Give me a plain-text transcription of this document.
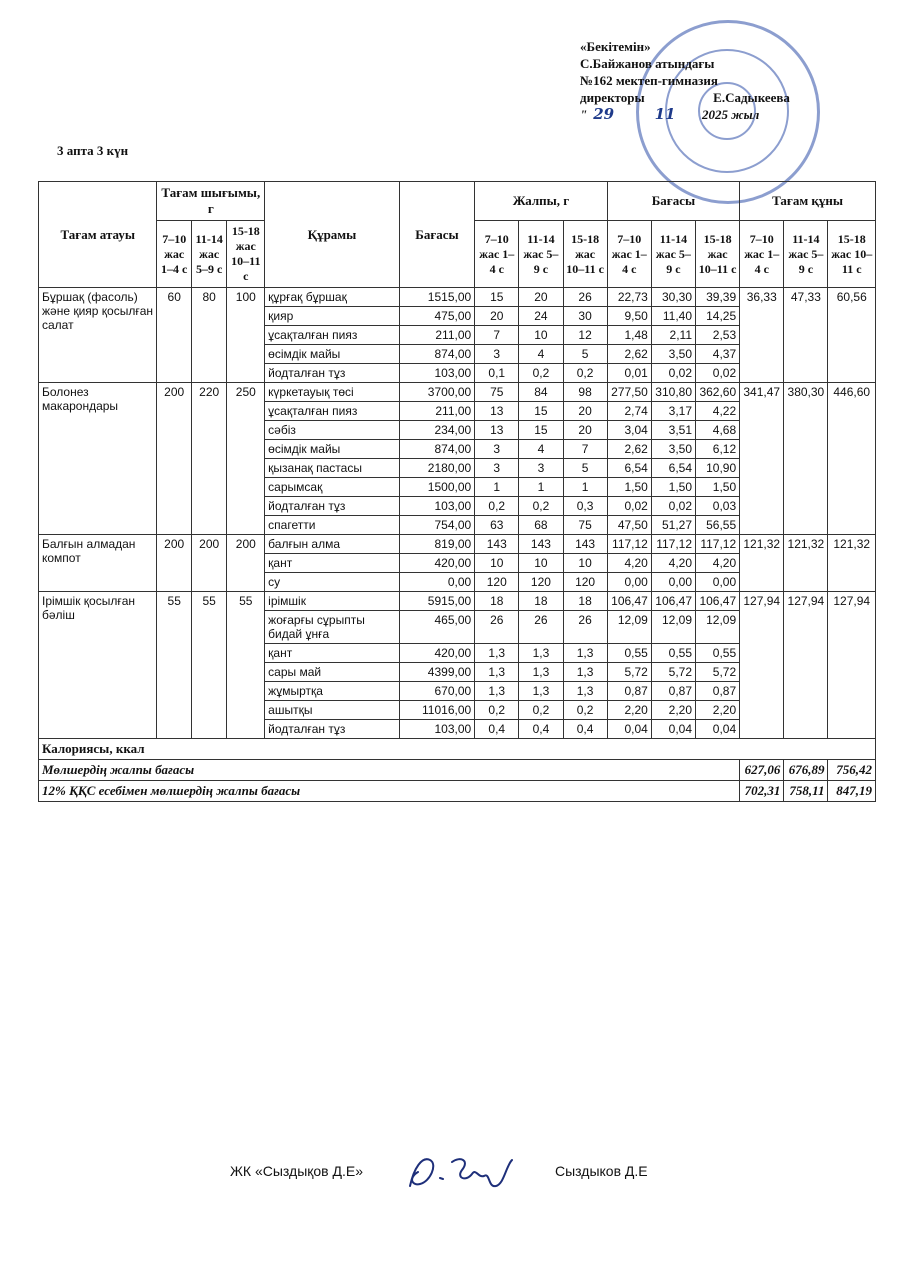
«Бекітемін»
С.Байжанов атындағы
№162 мектеп-гимназия
директоры	Е.Садыкеева
" 29	11 2025 жыл
3 апта 3 күн
Тағам атауы	Тағам шығымы, г			Құрамы	Бағасы	Жалпы, г			Бағасы			Тағам құны		
	7–10 жас 1–4 с	11-14 жас 5–9 с	15-18 жас 10–11 с			7–10 жас 1–4 с	11-14 жас 5–9 с	15-18 жас 10–11 с	7–10 жас 1–4 с	11-14 жас 5–9 с	15-18 жас 10–11 с	7–10 жас 1–4 с	11-14 жас 5–9 с	15-18 жас 10–11 с
Бұршақ (фасоль) және қияр қосылған салат	60	80	100	құрғақ бұршақ	1515,00	15	20	26	22,73	30,30	39,39	36,33	47,33	60,56
				қияр	475,00	20	24	30	9,50	11,40	14,25			
				ұсақталған пияз	211,00	7	10	12	1,48	2,11	2,53			
				өсімдік майы	874,00	3	4	5	2,62	3,50	4,37			
				йодталған тұз	103,00	0,1	0,2	0,2	0,01	0,02	0,02			
Болонез макарондары	200	220	250	күркетауық төсі	3700,00	75	84	98	277,50	310,80	362,60	341,47	380,30	446,60
				ұсақталған пияз	211,00	13	15	20	2,74	3,17	4,22			
				сәбіз	234,00	13	15	20	3,04	3,51	4,68			
				өсімдік майы	874,00	3	4	7	2,62	3,50	6,12			
				қызанақ пастасы	2180,00	3	3	5	6,54	6,54	10,90			
				сарымсақ	1500,00	1	1	1	1,50	1,50	1,50			
				йодталған тұз	103,00	0,2	0,2	0,3	0,02	0,02	0,03			
				спагетти	754,00	63	68	75	47,50	51,27	56,55			
Балғын алмадан компот	200	200	200	балғын алма	819,00	143	143	143	117,12	117,12	117,12	121,32	121,32	121,32
				қант	420,00	10	10	10	4,20	4,20	4,20			
				су	0,00	120	120	120	0,00	0,00	0,00			
Ірімшік қосылған бәліш	55	55	55	ірімшік	5915,00	18	18	18	106,47	106,47	106,47	127,94	127,94	127,94
				жоғарғы сұрыпты бидай ұнға	465,00	26	26	26	12,09	12,09	12,09			
				қант	420,00	1,3	1,3	1,3	0,55	0,55	0,55			
				сары май	4399,00	1,3	1,3	1,3	5,72	5,72	5,72			
				жұмыртқа	670,00	1,3	1,3	1,3	0,87	0,87	0,87			
				ашытқы	11016,00	0,2	0,2	0,2	2,20	2,20	2,20			
				йодталған тұз	103,00	0,4	0,4	0,4	0,04	0,04	0,04			
Калориясы, ккал														
Мөлшердің жалпы бағасы												627,06	676,89	756,42
12% ҚҚС есебімен мөлшердің жалпы бағасы												702,31	758,11	847,19
ЖК «Сыздықов Д.Е»	Сыздыков Д.Е
